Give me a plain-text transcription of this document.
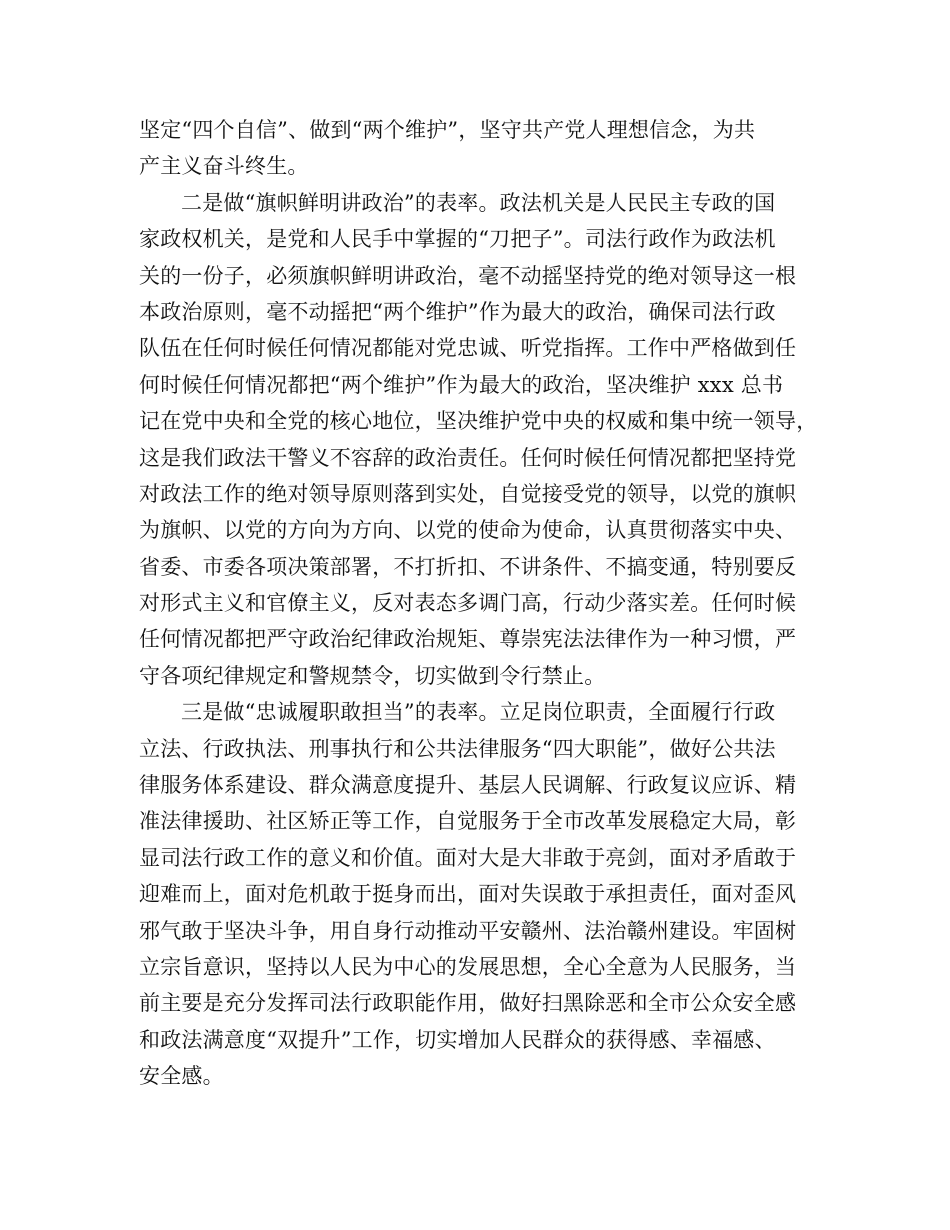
坚定“四个自信”、做到“两个维护”，坚守共产党人理想信念，为共
产主义奋斗终生。
二是做“旗帜鲜明讲政治”的表率。政法机关是人民民主专政的国
家政权机关，是党和人民手中掌握的“刀把子”。司法行政作为政法机
关的一份子，必须旗帜鲜明讲政治，毫不动摇坚持党的绝对领导这一根
本政治原则，毫不动摇把“两个维护”作为最大的政治，确保司法行政
队伍在任何时候任何情况都能对党忠诚、听党指挥。工作中严格做到任
何时候任何情况都把“两个维护”作为最大的政治，坚决维护 xxx 总书
记在党中央和全党的核心地位，坚决维护党中央的权威和集中统一领导，
这是我们政法干警义不容辞的政治责任。任何时候任何情况都把坚持党
对政法工作的绝对领导原则落到实处，自觉接受党的领导，以党的旗帜
为旗帜、以党的方向为方向、以党的使命为使命，认真贯彻落实中央、
省委、市委各项决策部署，不打折扣、不讲条件、不搞变通，特别要反
对形式主义和官僚主义，反对表态多调门高，行动少落实差。任何时候
任何情况都把严守政治纪律政治规矩、尊崇宪法法律作为一种习惯，严
守各项纪律规定和警规禁令，切实做到令行禁止。
三是做“忠诚履职敢担当”的表率。立足岗位职责，全面履行行政
立法、行政执法、刑事执行和公共法律服务“四大职能”，做好公共法
律服务体系建设、群众满意度提升、基层人民调解、行政复议应诉、精
准法律援助、社区矫正等工作，自觉服务于全市改革发展稳定大局，彰
显司法行政工作的意义和价值。面对大是大非敢于亮剑，面对矛盾敢于
迎难而上，面对危机敢于挺身而出，面对失误敢于承担责任，面对歪风
邪气敢于坚决斗争，用自身行动推动平安赣州、法治赣州建设。牢固树
立宗旨意识，坚持以人民为中心的发展思想，全心全意为人民服务，当
前主要是充分发挥司法行政职能作用，做好扫黑除恶和全市公众安全感
和政法满意度“双提升”工作，切实增加人民群众的获得感、幸福感、
安全感。
